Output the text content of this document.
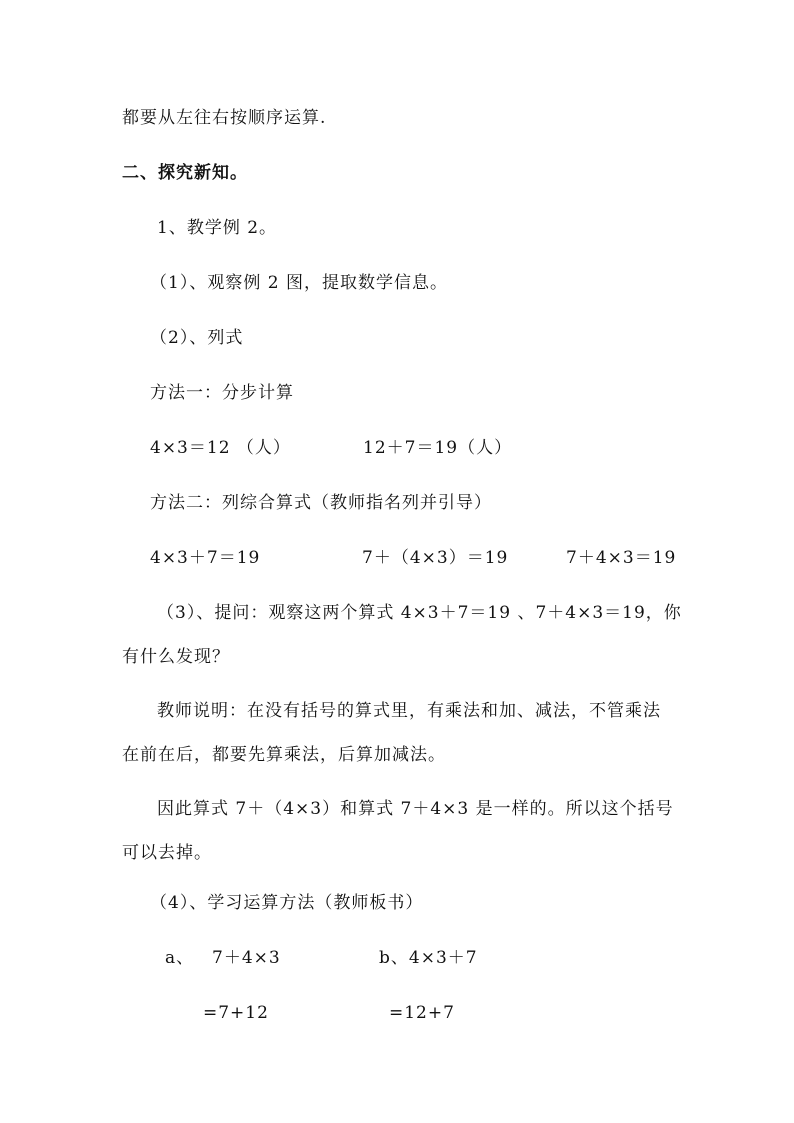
都要从左往右按顺序运算.
二、探究新知。
1、教学例 2。
（1）、观察例 2 图，提取数学信息。
（2）、列式
方法一：分步计算
4×3＝12 （人）	12＋7＝19（人）
方法二：列综合算式（教师指名列并引导）
4×3＋7＝19	7＋（4×3）＝19	7＋4×3＝19
（3）、提问：观察这两个算式 4×3＋7＝19 、7＋4×3＝19，你
有什么发现？
教师说明：在没有括号的算式里，有乘法和加、减法，不管乘法
在前在后，都要先算乘法，后算加减法。
因此算式 7＋（4×3）和算式 7＋4×3 是一样的。所以这个括号
可以去掉。
（4）、学习运算方法（教师板书）
a、 7＋4×3	b、4×3＋7
=7+12	=12+7
